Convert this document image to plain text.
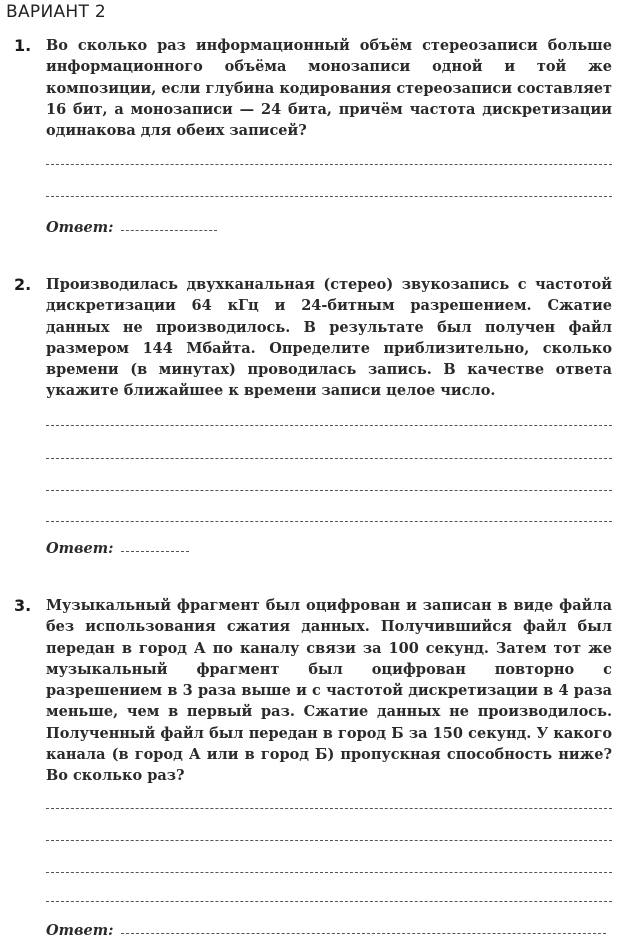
ВАРИАНТ 2
1. Во сколько раз информационный объём стереозаписи больше информационного объёма монозаписи одной и той же композиции, если глубина кодирования стереозаписи составляет 16 бит, а монозаписи — 24 бита, причём частота дискретизации одинакова для обеих записей?
Ответ:
2. Производилась двухканальная (стерео) звукозапись с частотой дискретизации 64 кГц и 24-битным разрешением. Сжатие данных не производилось. В результате был получен файл размером 144 Мбайта. Определите приблизительно, сколько времени (в минутах) проводилась запись. В качестве ответа укажите ближайшее к времени записи целое число.
Ответ:
3. Музыкальный фрагмент был оцифрован и записан в виде файла без использования сжатия данных. Получившийся файл был передан в город А по каналу связи за 100 секунд. Затем тот же музыкальный фрагмент был оцифрован повторно с разрешением в 3 раза выше и с частотой дискретизации в 4 раза меньше, чем в первый раз. Сжатие данных не производилось. Полученный файл был передан в город Б за 150 секунд. У какого канала (в город А или в город Б) пропускная способность ниже? Во сколько раз?
Ответ:
